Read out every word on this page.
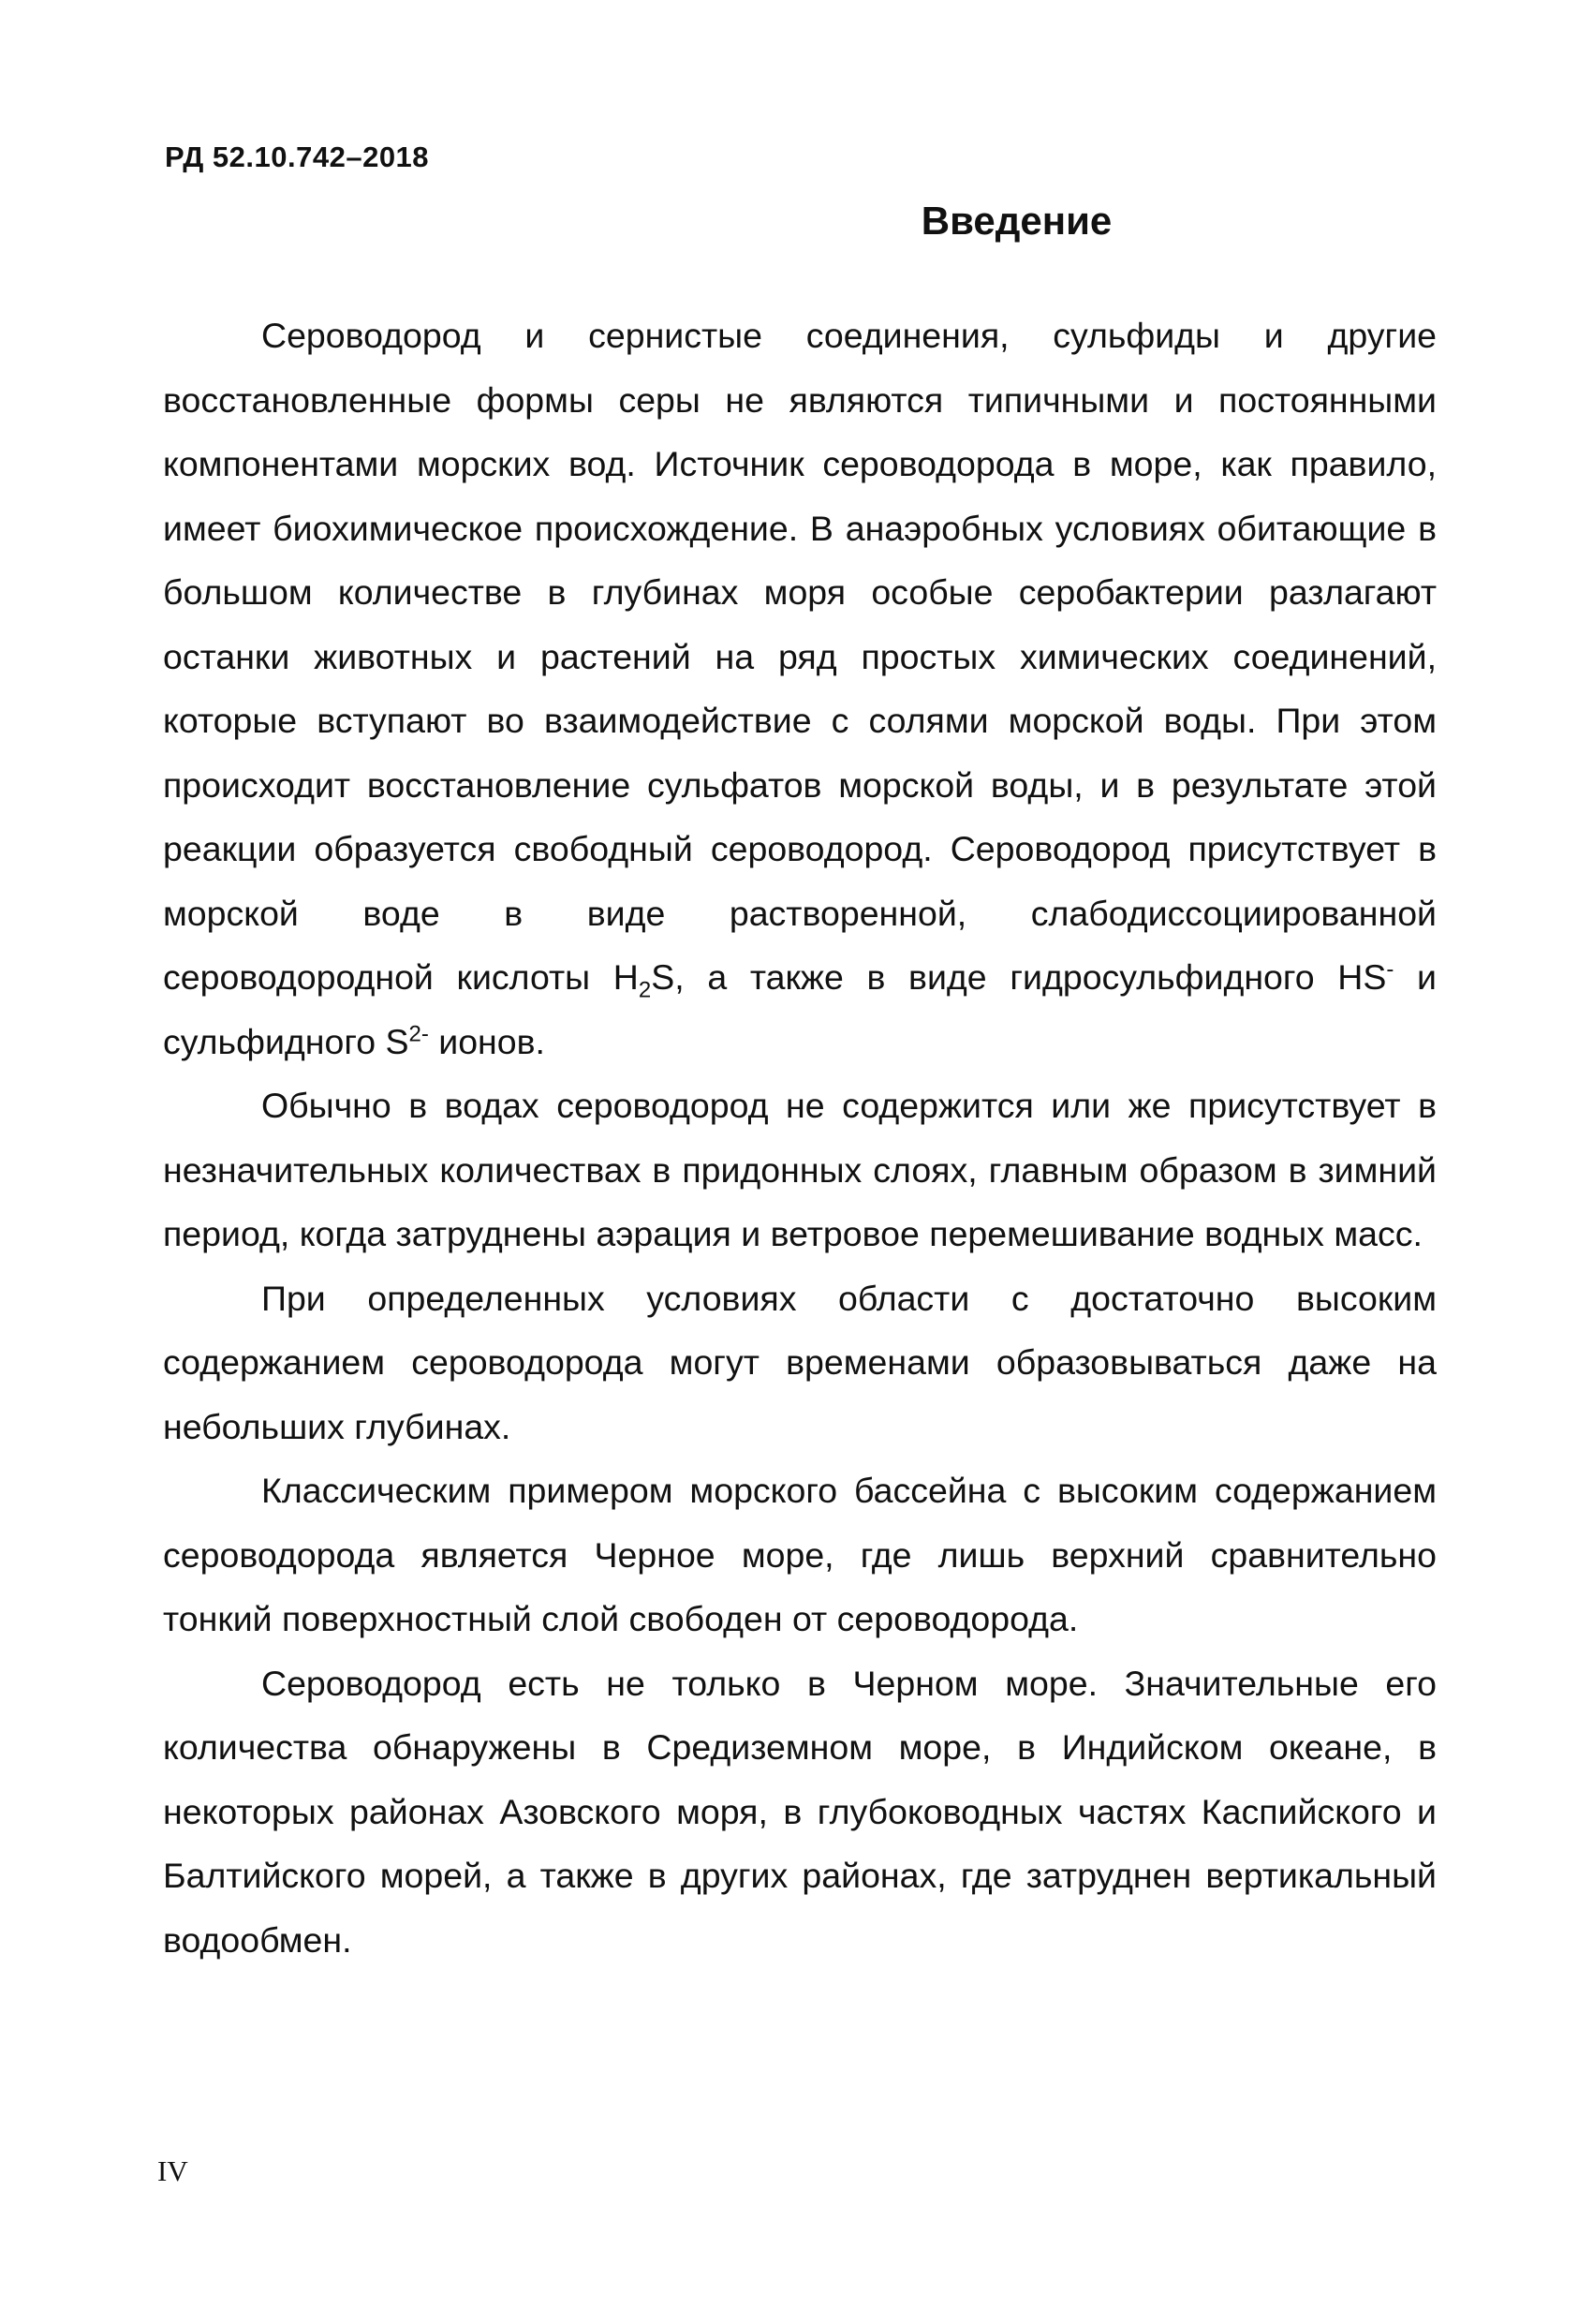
РД 52.10.742–2018
Введение

Сероводород и сернистые соединения, сульфиды и другие восстановленные формы серы не являются типичными и постоянными компонентами морских вод. Источник сероводорода в море, как правило, имеет биохимическое происхождение. В анаэробных условиях обитающие в большом количестве в глубинах моря особые серобактерии разлагают останки животных и растений на ряд простых химических соединений, которые вступают во взаимодействие с солями морской воды. При этом происходит восстановление сульфатов морской воды, и в результате этой реакции образуется свободный сероводород. Сероводород присутствует в морской воде в виде растворенной, слабодиссоциированной сероводородной кислоты $H_2S$, а также в виде гидросульфидного HS- и сульфидного $S^{2-}$ ионов.

Обычно в водах сероводород не содержится или же присутствует в незначительных количествах в придонных слоях, главным образом в зимний период, когда затруднены аэрация и ветровое перемешивание водных масс.

При определенных условиях области с достаточно высоким содержанием сероводорода могут временами образовываться даже на небольших глубинах.

Классическим примером морского бассейна с высоким содержанием сероводорода является Черное море, где лишь верхний сравнительно тонкий поверхностный слой свободен от сероводорода.

Сероводород есть не только в Черном море. Значительные его количества обнаружены в Средиземном море, в Индийском океане, в некоторых районах Азовского моря, в глубоководных частях Каспийского и Балтийского морей, а также в других районах, где затруднен вертикальный водообмен.

IV
